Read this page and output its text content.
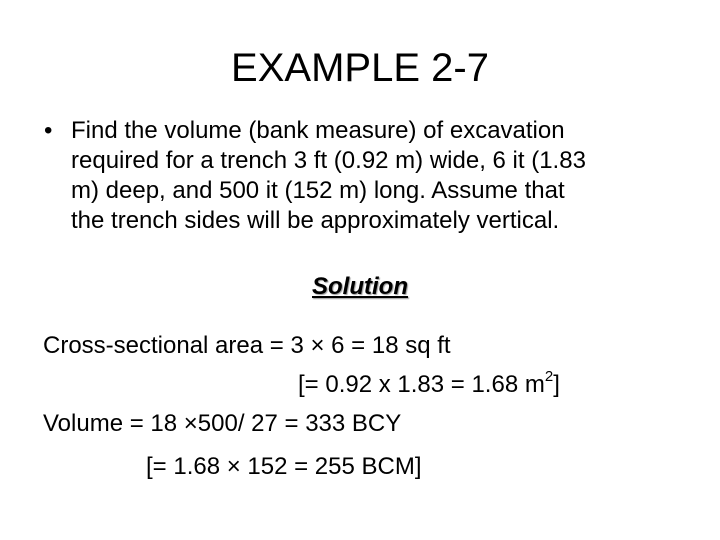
EXAMPLE 2-7
• Find the volume (bank measure) of excavation
required for a trench 3 ft (0.92 m) wide, 6 it (1.83
m) deep, and 500 it (152 m) long. Assume that
the trench sides will be approximately vertical.
Solution
Cross-sectional area = 3 × 6 = 18 sq ft
[= 0.92 x 1.83 = 1.68 $m^2$]
Volume = 18 ×500/ 27 = 333 BCY
[= 1.68 × 152 = 255 BCM]
